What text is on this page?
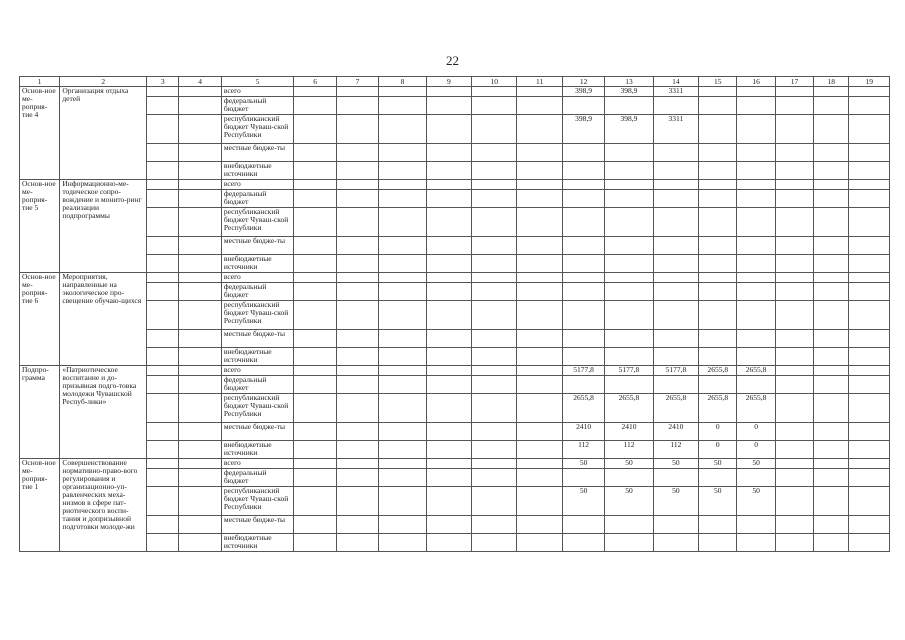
22
1	2	3	4	5	6	7	8	9	10	11	12	13	14	15	16	17	18	19
Основ-ное ме-роприя-тие 4	Организация отдыха детей			всего							398,9	398,9	3311					
				федеральный бюджет														
				республиканский бюджет Чуваш-ской Республики							398,9	398,9	3311					
				местные бюдже-ты														
				внебюджетные источники														
Основ-ное ме-роприя-тие 5	Информационно-ме-тодическое сопро-вождение и монито-ринг реализации подпрограммы			всего														
				федеральный бюджет														
				республиканский бюджет Чуваш-ской Республики														
				местные бюдже-ты														
				внебюджетные источники														
Основ-ное ме-роприя-тие 6	Мероприятия, направленные на экологическое про-свещение обучаю-щихся			всего														
				федеральный бюджет														
				республиканский бюджет Чуваш-ской Республики														
				местные бюдже-ты														
				внебюджетные источники														
Подпро-грамма	«Патриотическое воспитание и до-призывная подго-товка молодежи Чувашской Респуб-лики»			всего							5177,8	5177,8	5177,8	2655,8	2655,8			
				федеральный бюджет														
				республиканский бюджет Чуваш-ской Республики							2655,8	2655,8	2655,8	2655,8	2655,8			
				местные бюдже-ты							2410	2410	2410	0	0			
				внебюджетные источники							112	112	112	0	0			
Основ-ное ме-роприя-тие 1	Совершенствование нормативно-право-вого регулирования и организационно-уп-равленческих меха-низмов в сфере пат-риотического воспи-тания и допризывной подготовки молоде-жи			всего							50	50	50	50	50			
				федеральный бюджет														
				республиканский бюджет Чуваш-ской Республики							50	50	50	50	50			
				местные бюдже-ты														
				внебюджетные источники														
